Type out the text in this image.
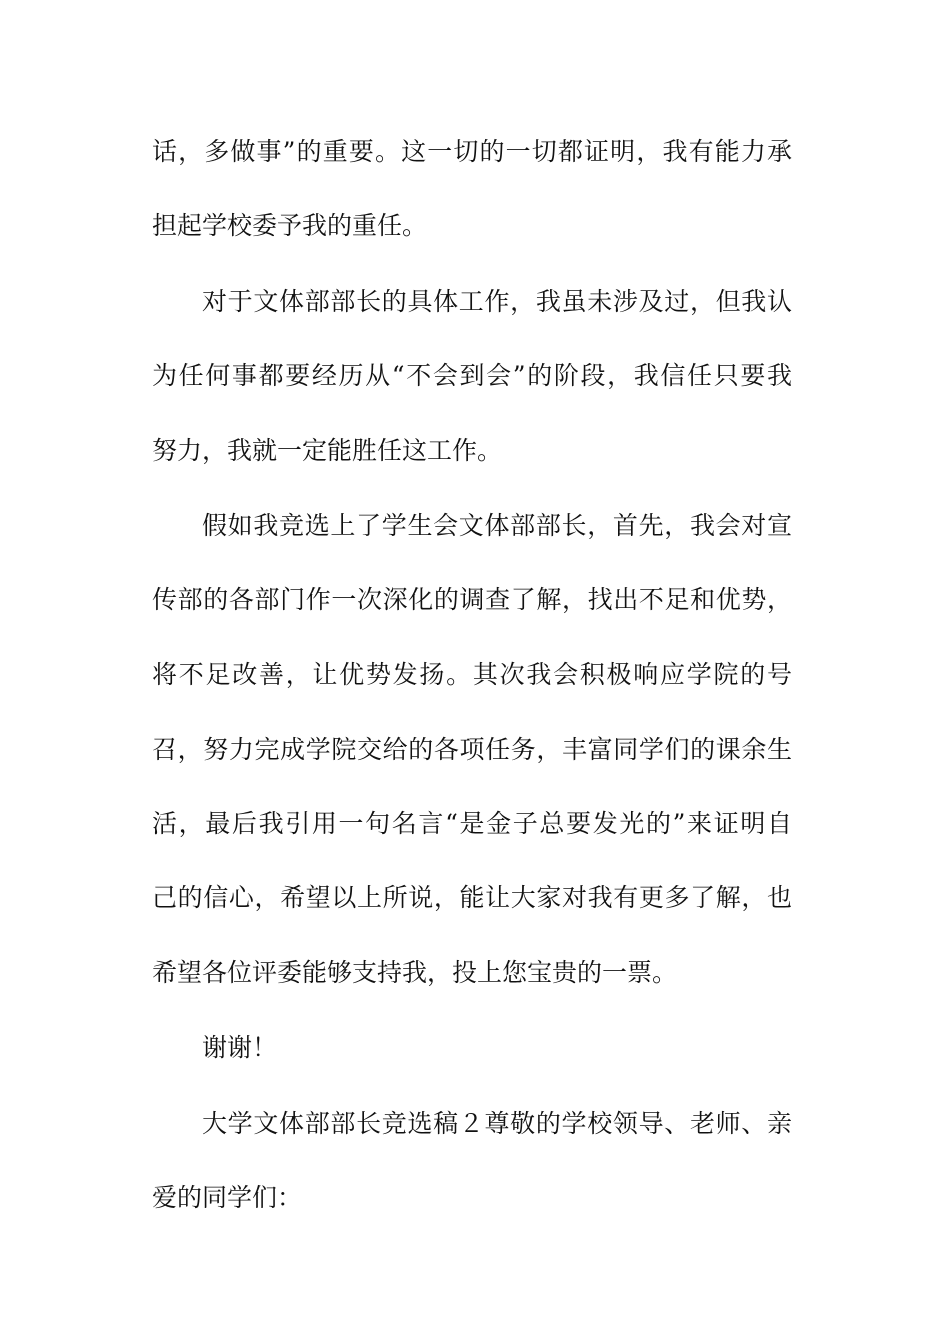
话，多做事”的重要。这一切的一切都证明，我有能力承
担起学校委予我的重任。
对于文体部部长的具体工作，我虽未涉及过，但我认
为任何事都要经历从“不会到会”的阶段，我信任只要我
努力，我就一定能胜任这工作。
假如我竞选上了学生会文体部部长，首先，我会对宣
传部的各部门作一次深化的调查了解，找出不足和优势，
将不足改善，让优势发扬。其次我会积极响应学院的号
召，努力完成学院交给的各项任务，丰富同学们的课余生
活，最后我引用一句名言“是金子总要发光的”来证明自
己的信心，希望以上所说，能让大家对我有更多了解，也
希望各位评委能够支持我，投上您宝贵的一票。
谢谢！
大学文体部部长竞选稿２尊敬的学校领导、老师、亲
爱的同学们：
